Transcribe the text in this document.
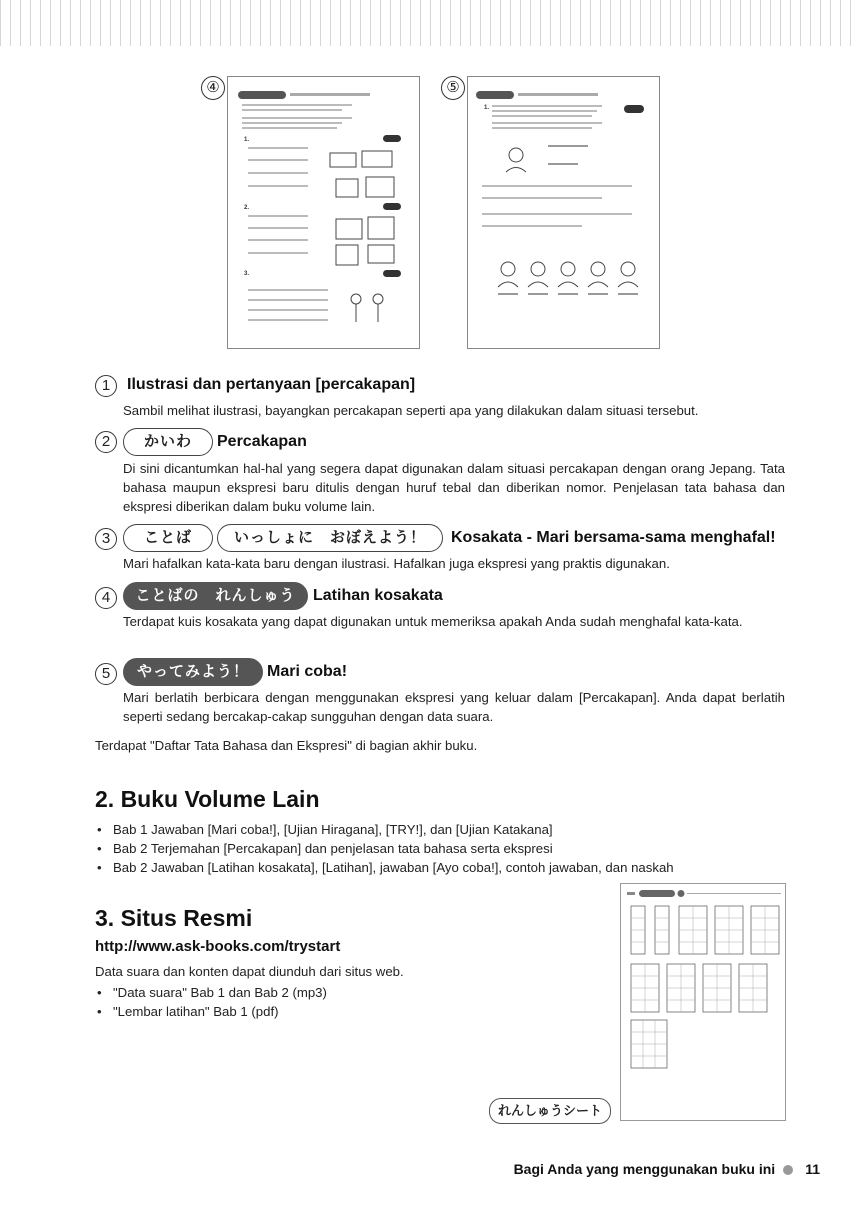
④
1.
2.
3.
⑤
1.
1	Ilustrasi dan pertanyaan [percakapan]
Sambil melihat ilustrasi, bayangkan percakapan seperti apa yang dilakukan dalam situasi tersebut.
2	かいわ	Percakapan
Di sini dicantumkan hal-hal yang segera dapat digunakan dalam situasi percakapan dengan orang Jepang. Tata bahasa maupun ekspresi baru ditulis dengan huruf tebal dan diberikan nomor. Penjelasan tata bahasa dan ekspresi diberikan dalam buku volume lain.
3	ことば	いっしょに　おぼえよう！	Kosakata - Mari bersama-sama menghafal!
Mari hafalkan kata-kata baru dengan ilustrasi. Hafalkan juga ekspresi yang praktis digunakan.
4	ことばの　れんしゅう	Latihan kosakata
Terdapat kuis kosakata yang dapat digunakan untuk memeriksa apakah Anda sudah menghafal kata-kata.
5	やってみよう！	Mari coba!
Mari berlatih berbicara dengan menggunakan ekspresi yang keluar dalam [Percakapan]. Anda dapat berlatih seperti sedang bercakap-cakap sungguhan dengan data suara.
Terdapat "Daftar Tata Bahasa dan Ekspresi" di bagian akhir buku.
2. Buku Volume Lain
• Bab 1 Jawaban [Mari coba!], [Ujian Hiragana], [TRY!], dan [Ujian Katakana]
• Bab 2 Terjemahan [Percakapan] dan penjelasan tata bahasa serta ekspresi
• Bab 2 Jawaban [Latihan kosakata], [Latihan], jawaban [Ayo coba!], contoh jawaban, dan naskah
3. Situs Resmi
http://www.ask-books.com/trystart
Data suara dan konten dapat diunduh dari situs web.
• "Data suara" Bab 1 dan Bab 2 (mp3)
• "Lembar latihan" Bab 1 (pdf)
れんしゅうシート
Bagi Anda yang menggunakan buku ini 11
